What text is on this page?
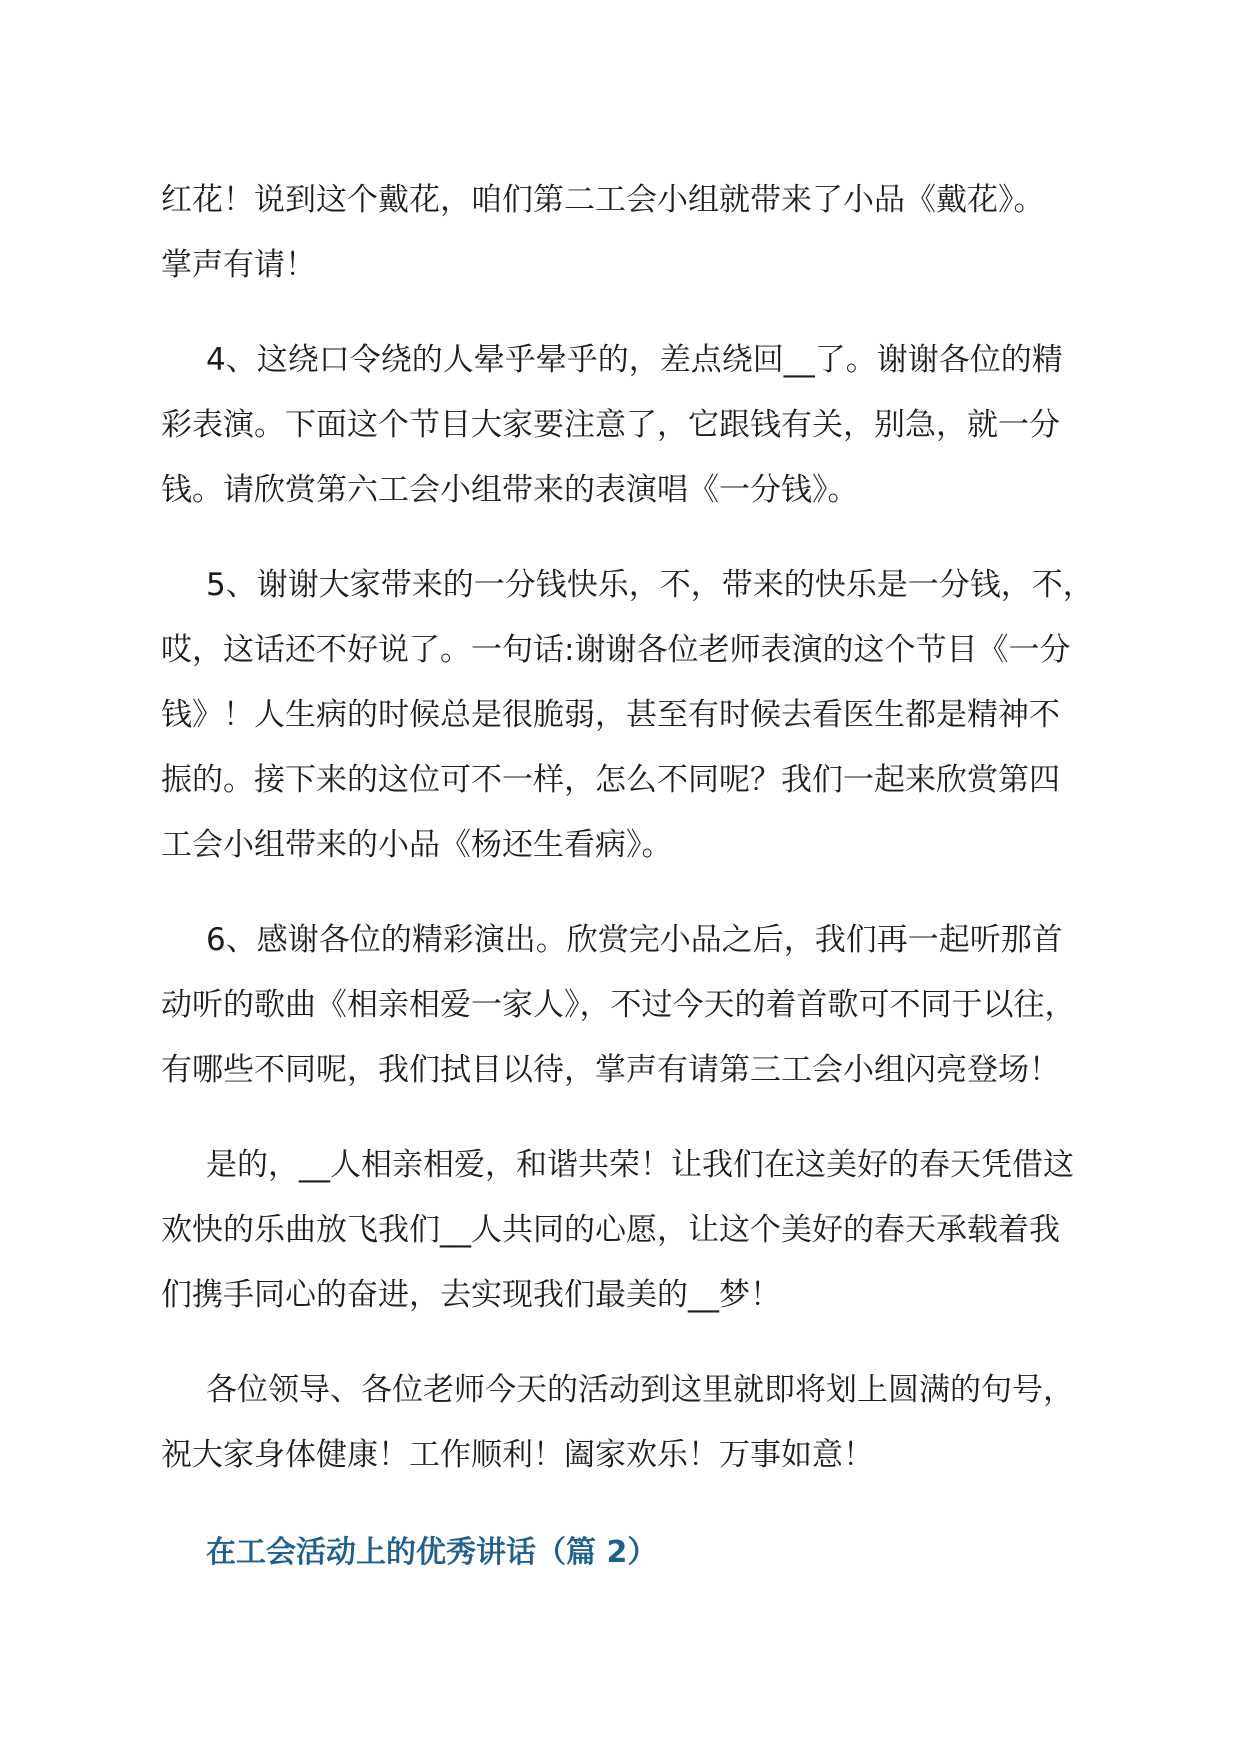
红花！说到这个戴花，咱们第二工会小组就带来了小品《戴花》。
掌声有请！
4、这绕口令绕的人晕乎晕乎的，差点绕回__了。谢谢各位的精
彩表演。下面这个节目大家要注意了，它跟钱有关，别急，就一分
钱。请欣赏第六工会小组带来的表演唱《一分钱》。
5、谢谢大家带来的一分钱快乐，不，带来的快乐是一分钱，不，
哎，这话还不好说了。一句话:谢谢各位老师表演的这个节目《一分
钱》！人生病的时候总是很脆弱，甚至有时候去看医生都是精神不
振的。接下来的这位可不一样，怎么不同呢？我们一起来欣赏第四
工会小组带来的小品《杨还生看病》。
6、感谢各位的精彩演出。欣赏完小品之后，我们再一起听那首
动听的歌曲《相亲相爱一家人》，不过今天的着首歌可不同于以往，
有哪些不同呢，我们拭目以待，掌声有请第三工会小组闪亮登场！
是的，__人相亲相爱，和谐共荣！让我们在这美好的春天凭借这
欢快的乐曲放飞我们__人共同的心愿，让这个美好的春天承载着我
们携手同心的奋进，去实现我们最美的__梦！
各位领导、各位老师今天的活动到这里就即将划上圆满的句号，
祝大家身体健康！工作顺利！阖家欢乐！万事如意！
在工会活动上的优秀讲话（篇 2）
